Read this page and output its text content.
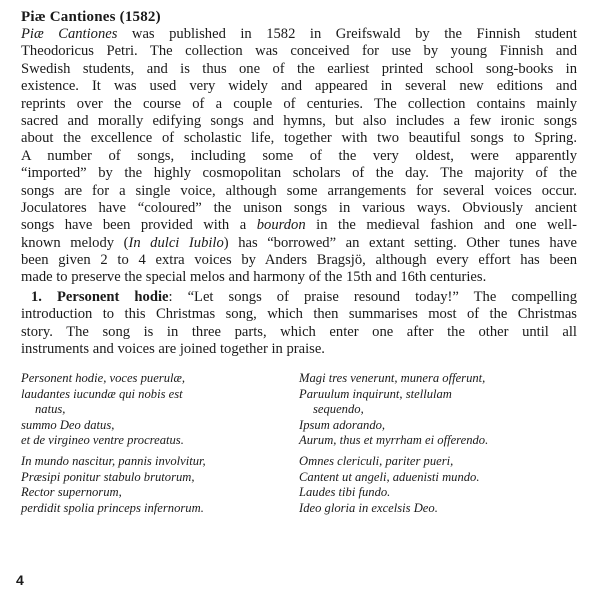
Piæ Cantiones (1582)
Piæ Cantiones was published in 1582 in Greifswald by the Finnish student
Theodoricus Petri. The collection was conceived for use by young Finnish and
Swedish students, and is thus one of the earliest printed school song-books in
existence. It was used very widely and appeared in several new editions and
reprints over the course of a couple of centuries. The collection contains mainly
sacred and morally edifying songs and hymns, but also includes a few ironic songs
about the excellence of scholastic life, together with two beautiful songs to Spring.
A number of songs, including some of the very oldest, were apparently
“imported” by the highly cosmopolitan scholars of the day. The majority of the
songs are for a single voice, although some arrangements for several voices occur.
Joculatores have “coloured” the unison songs in various ways. Obviously ancient
songs have been provided with a bourdon in the medieval fashion and one well-
known melody (In dulci Iubilo) has “borrowed” an extant setting. Other tunes have
been given 2 to 4 extra voices by Anders Bragsjö, although every effort has been
made to preserve the special melos and harmony of the 15th and 16th centuries.
1. Personent hodie: “Let songs of praise resound today!” The compelling
introduction to this Christmas song, which then summarises most of the Christmas
story. The song is in three parts, which enter one after the other until all
instruments and voices are joined together in praise.
Personent hodie, voces puerulæ,
laudantes iucundæ qui nobis est
natus,
summo Deo datus,
et de virgineo ventre procreatus.
In mundo nascitur, pannis involvitur,
Præsipi ponitur stabulo brutorum,
Rector supernorum,
perdidit spolia princeps infernorum.
Magi tres venerunt, munera offerunt,
Paruulum inquirunt, stellulam
sequendo,
Ipsum adorando,
Aurum, thus et myrrham ei offerendo.
Omnes clericuli, pariter pueri,
Cantent ut angeli, aduenisti mundo.
Laudes tibi fundo.
Ideo gloria in excelsis Deo.
4
